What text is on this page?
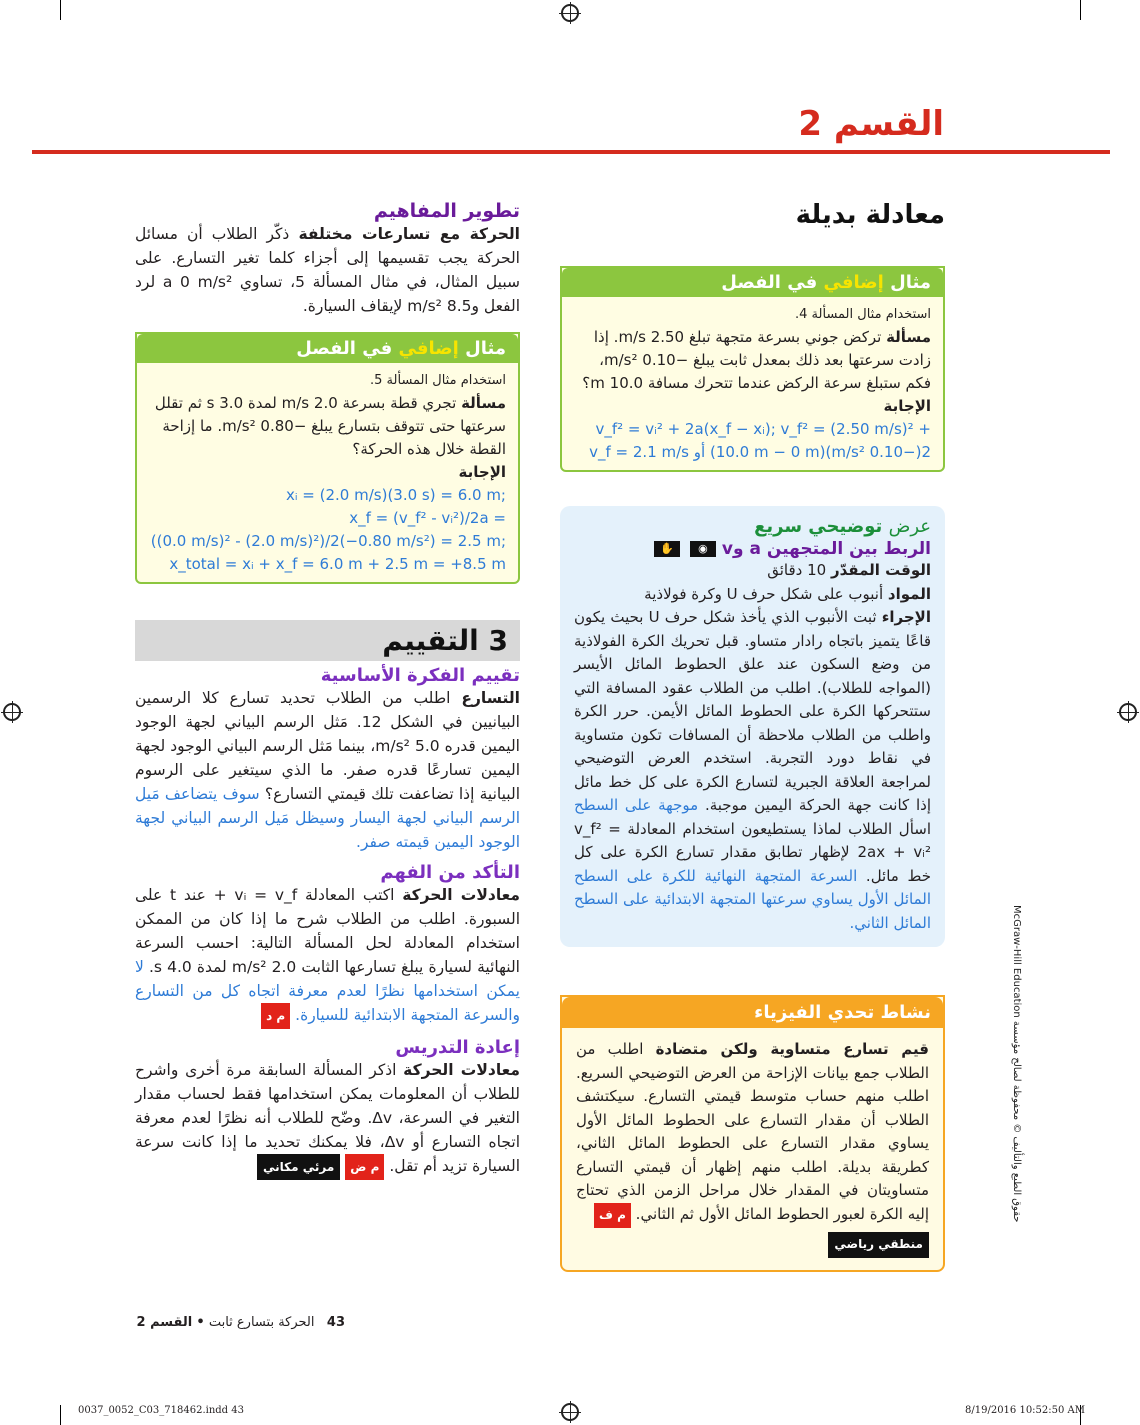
القسم 2
تطوير المفاهيم
الحركة مع تسارعات مختلفة ذكّر الطلاب أن مسائل الحركة يجب تقسيمها إلى أجزاء كلما تغير التسارع. على سبيل المثال، في مثال المسألة 5، تساوي a 0 m/s² لرد الفعل و8.5 m/s² لإيقاف السيارة.
مثال إضافي في الفصل
استخدام مثال المسألة 5.
مسألة تجري قطة بسرعة 2.0 m/s لمدة 3.0 s ثم تقلل سرعتها حتى تتوقف بتسارع يبلغ −0.80 m/s². ما إزاحة القطة خلال هذه الحركة؟
الإجابة
xᵢ = (2.0 m/s)(3.0 s) = 6.0 m;
x_f = (v_f² - vᵢ²)/2a =
((0.0 m/s)² - (2.0 m/s)²)/2(−0.80 m/s²) = 2.5 m;
x_total = xᵢ + x_f = 6.0 m + 2.5 m = +8.5 m
3 التقييم
تقييم الفكرة الأساسية
التسارع اطلب من الطلاب تحديد تسارع كلا الرسمين البيانيين في الشكل 12. مَثل الرسم البياني لجهة الوجود اليمين قدره 5.0 m/s²، بينما مَثل الرسم البياني الوجود لجهة اليمين تسارعًا قدره صفر. ما الذي سيتغير على الرسوم البيانية إذا تضاعفت تلك قيمتي التسارع؟ سوف يتضاعف مَيل الرسم البياني لجهة اليسار وسيظل مَيل الرسم البياني لجهة الوجود اليمين قيمته صفر.
التأكد من الفهم
معادلات الحركة اكتب المعادلة vᵢ = v_f + عند t على السبورة. اطلب من الطلاب شرح ما إذا كان من الممكن استخدام المعادلة لحل المسألة التالية: احسب السرعة النهائية لسيارة يبلغ تسارعها الثابت 2.0 m/s² لمدة 4.0 s. لا يمكن استخدامها نظرًا لعدم معرفة اتجاه كل من التسارع والسرعة المتجهة الابتدائية للسيارة. م د
إعادة التدريس
معادلات الحركة اذكر المسألة السابقة مرة أخرى واشرح للطلاب أن المعلومات يمكن استخدامها فقط لحساب مقدار التغير في السرعة، Δv. وضّح للطلاب أنه نظرًا لعدم معرفة اتجاه التسارع أو Δv، فلا يمكنك تحديد ما إذا كانت سرعة السيارة تزيد أم تقل. م ض مرئي مكاني
معادلة بديلة
مثال إضافي في الفصل
استخدام مثال المسألة 4.
مسألة تركض جوني بسرعة متجهة تبلغ 2.50 m/s. إذا زادت سرعتها بعد ذلك بمعدل ثابت يبلغ −0.10 m/s²، فكم ستبلغ سرعة الركض عندما تتحرك مسافة 10.0 m؟
الإجابة
v_f² = vᵢ² + 2a(x_f − xᵢ); v_f² = (2.50 m/s)² +
2(−0.10 m/s²)(10.0 m − 0 m) أو v_f = 2.1 m/s
عرض توضيحي سريع
الربط بين المتجهين a وv ◉ ✋
الوقت المقدّر 10 دقائق
المواد أنبوب على شكل حرف U وكرة فولاذية
الإجراء ثبت الأنبوب الذي يأخذ شكل حرف U بحيث يكون قاعًا يتميز باتجاه رادار متساو. قبل تحريك الكرة الفولاذية من وضع السكون عند علق الحطوط المائل الأيسر (المواجه للطلاب). اطلب من الطلاب عقود المسافة التي ستتحركها الكرة على الحطوط المائل الأيمن. حرر الكرة واطلب من الطلاب ملاحظة أن المسافات تكون متساوية في نقاط دورد التجربة. استخدم العرض التوضيحي لمراجعة العلاقة الجبرية لتسارع الكرة على كل خط مائل إذا كانت جهة الحركة اليمين موجبة. موجهة على السطح اسأل الطلاب لماذا يستطيعون استخدام المعادلة v_f² = 2ax + vᵢ² لإظهار تطابق مقدار تسارع الكرة على كل خط مائل. السرعة المتجهة النهائية للكرة على السطح المائل الأول يساوي سرعتها المتجهة الابتدائية على السطح المائل الثاني.
نشاط تحدي الفيزياء
قيم تسارع متساوية ولكن متضادة اطلب من الطلاب جمع بيانات الإزاحة من العرض التوضيحي السريع. اطلب منهم حساب متوسط قيمتي التسارع. سيكتشف الطلاب أن مقدار التسارع على الحطوط المائل الأول يساوي مقدار التسارع على الحطوط المائل الثاني، كطريقة بديلة. اطلب منهم إظهار أن قيمتي التسارع متساويتان في المقدار خلال مراحل الزمن الذي تحتاج إليه الكرة لعبور الحطوط المائل الأول ثم الثاني. م ف
منطقي رياضي
حقوق الطبع والتأليف © محفوظة لصالح مؤسسة McGraw-Hill Education
43   الحركة بتسارع ثابت • القسم 2
0037_0052_C03_718462.indd 43	8/19/2016 10:52:50 AM
